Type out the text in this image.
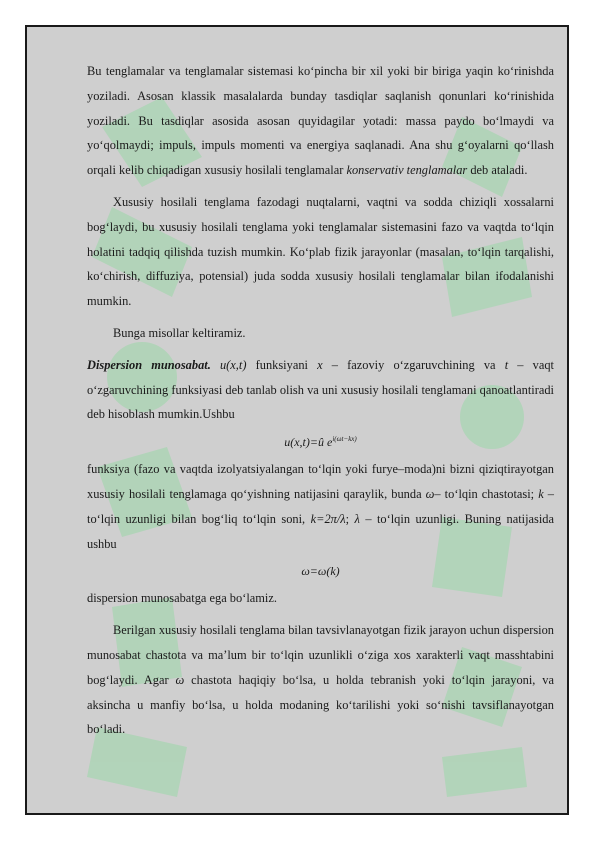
Bu tenglamalar va tenglamalar sistemasi ko‘pincha bir xil yoki bir biriga yaqin ko‘rinishda yoziladi. Asosan klassik masalalarda bunday tasdiqlar saqlanish qonunlari ko‘rinishida yoziladi. Bu tasdiqlar asosida asosan quyidagilar yotadi: massa paydo bo‘lmaydi va yo‘qolmaydi; impuls, impuls momenti va energiya saqlanadi. Ana shu g‘oyalarni qo‘llash orqali kelib chiqadigan xususiy hosilali tenglamalar konservativ tenglamalar deb ataladi.

Xususiy hosilali tenglama fazodagi nuqtalarni, vaqtni va sodda chiziqli xossalarni bog‘laydi, bu xususiy hosilali tenglama yoki tenglamalar sistemasini fazo va vaqtda to‘lqin holatini tadqiq qilishda tuzish mumkin. Ko‘plab fizik jarayonlar (masalan, to‘lqin tarqalishi, ko‘chirish, diffuziya, potensial) juda sodda xususiy hosilali tenglamalar bilan ifodalanishi mumkin.

Bunga misollar keltiramiz.

Dispersion munosabat. u(x,t) funksiyani x – fazoviy o‘zgaruvchining va t – vaqt o‘zgaruvchining funksiyasi deb tanlab olish va uni xususiy hosilali tenglamani qanoatlantiradi deb hisoblash mumkin.Ushbu

u(x,t)=û $e^{i(\omega t-kx)}$

funksiya (fazo va vaqtda izolyatsiyalangan to‘lqin yoki furye–moda)ni bizni qiziqtirayotgan xususiy hosilali tenglamaga qo‘yishning natijasini qaraylik, bunda ω– to‘lqin chastotasi; k – to‘lqin uzunligi bilan bog‘liq to‘lqin soni, k=2π/λ; λ – to‘lqin uzunligi. Buning natijasida ushbu

ω=ω(k)

dispersion munosabatga ega bo‘lamiz.

Berilgan xususiy hosilali tenglama bilan tavsivlanayotgan fizik jarayon uchun dispersion munosabat chastota va ma’lum bir to‘lqin uzunlikli o‘ziga xos xarakterli vaqt masshtabini bog‘laydi. Agar ω chastota haqiqiy bo‘lsa, u holda tebranish yoki to‘lqin jarayoni, va aksincha u manfiy bo‘lsa, u holda modaning ko‘tarilishi yoki so‘nishi tavsiflanayotgan bo‘ladi.
